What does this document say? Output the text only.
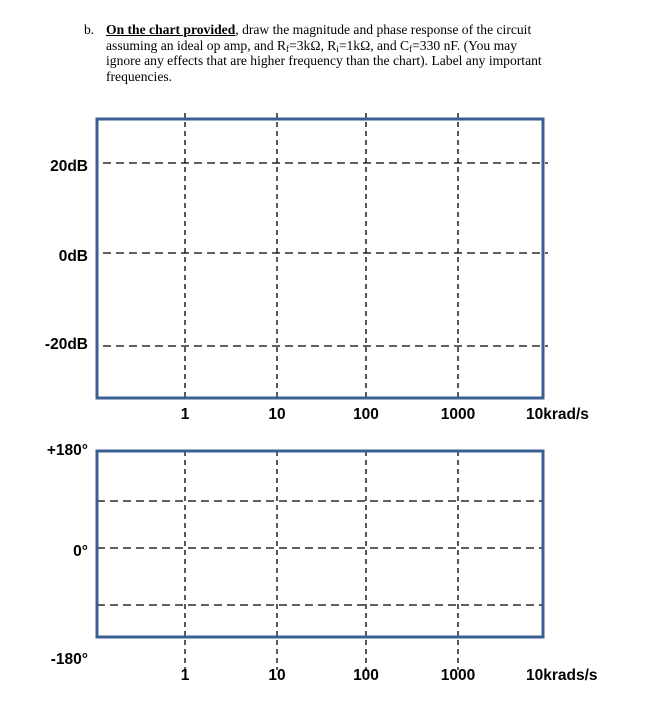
b. On the chart provided, draw the magnitude and phase response of the circuit
assuming an ideal op amp, and $R_f=3k\Omega$, $R_i=1k\Omega$, and $C_f=330$ nF. (You may
ignore any effects that are higher frequency than the chart). Label any important
frequencies.
1	10	100	1000	10krad/s
20dB
0dB
-20dB
1	10	100	1000	10krads/s
+180°
0°
-180°
